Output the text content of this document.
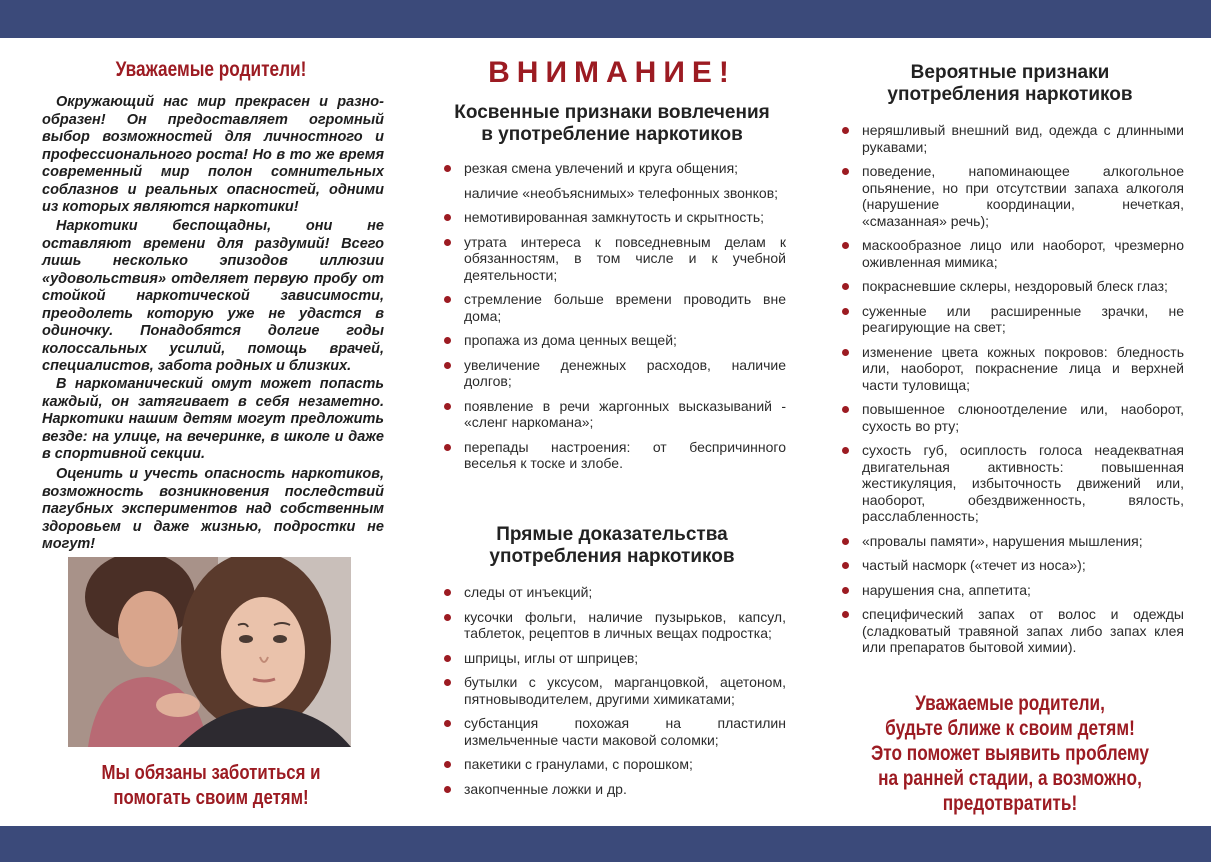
Уважаемые родители!

Окружающий нас мир прекрасен и разно-образен! Он предоставляет огромный выбор возможностей для личностного и профессионального роста! Но в то же время современный мир полон сомнительных соблазнов и реальных опасностей, одними из которых являются наркотики!

Наркотики беспощадны, они не оставляют времени для раздумий! Всего лишь несколько эпизодов иллюзии «удовольствия» отделяет первую пробу от стойкой наркотической зависимости, преодолеть которую уже не удастся в одиночку. Понадобятся долгие годы колоссальных усилий, помощь врачей, специалистов, забота родных и близких.

В наркоманический омут может попасть каждый, он затягивает в себя незаметно. Наркотики нашим детям могут предложить везде: на улице, на вечеринке, в школе и даже в спортивной секции.

Оценить и учесть опасность наркотиков, возможность возникновения последствий пагубных экспериментов над собственным здоровьем и даже жизнью, подростки не могут!

Мы обязаны заботиться и
помогать своим детям!
ВНИМАНИЕ!
Косвенные признаки вовлечения
в употребление наркотиков
резкая смена увлечений и круга общения;
наличие «необъяснимых» телефонных звонков;
немотивированная замкнутость и скрытность;
утрата интереса к повседневным делам к обязанностям, в том числе и к учебной деятельности;
стремление больше времени проводить вне дома;
пропажа из дома ценных вещей;
увеличение денежных расходов, наличие долгов;
появление в речи жаргонных высказываний - «сленг наркомана»;
перепады настроения: от беспричинного веселья к тоске и злобе.
Прямые доказательства
употребления наркотиков
следы от инъекций;
кусочки фольги, наличие пузырьков, капсул, таблеток, рецептов в личных вещах подростка;
шприцы, иглы от шприцев;
бутылки с уксусом, марганцовкой, ацетоном, пятновыводителем, другими химикатами;
субстанция похожая на пластилин измельченные части маковой соломки;
пакетики с гранулами, с порошком;
закопченные ложки и др.
Вероятные признаки
употребления наркотиков
неряшливый внешний вид, одежда с длинными рукавами;
поведение, напоминающее алкогольное опьянение, но при отсутствии запаха алкоголя (нарушение координации, нечеткая, «смазанная» речь);
маскообразное лицо или наоборот, чрезмерно оживленная мимика;
покрасневшие склеры, нездоровый блеск глаз;
суженные или расширенные зрачки, не реагирующие на свет;
изменение цвета кожных покровов: бледность или, наоборот, покраснение лица и верхней части туловища;
повышенное слюноотделение или, наоборот, сухость во рту;
сухость губ, осиплость голоса неадекватная двигательная активность: повышенная жестикуляция, избыточность движений или, наоборот, обездвиженность, вялость, расслабленность;
«провалы памяти», нарушения мышления;
частый насморк («течет из носа»);
нарушения сна, аппетита;
специфический запах от волос и одежды (сладковатый травяной запах либо запах клея или препаратов бытовой химии).
Уважаемые родители,
будьте ближе к своим детям!
Это поможет выявить проблему
на ранней стадии, а возможно,
предотвратить!
